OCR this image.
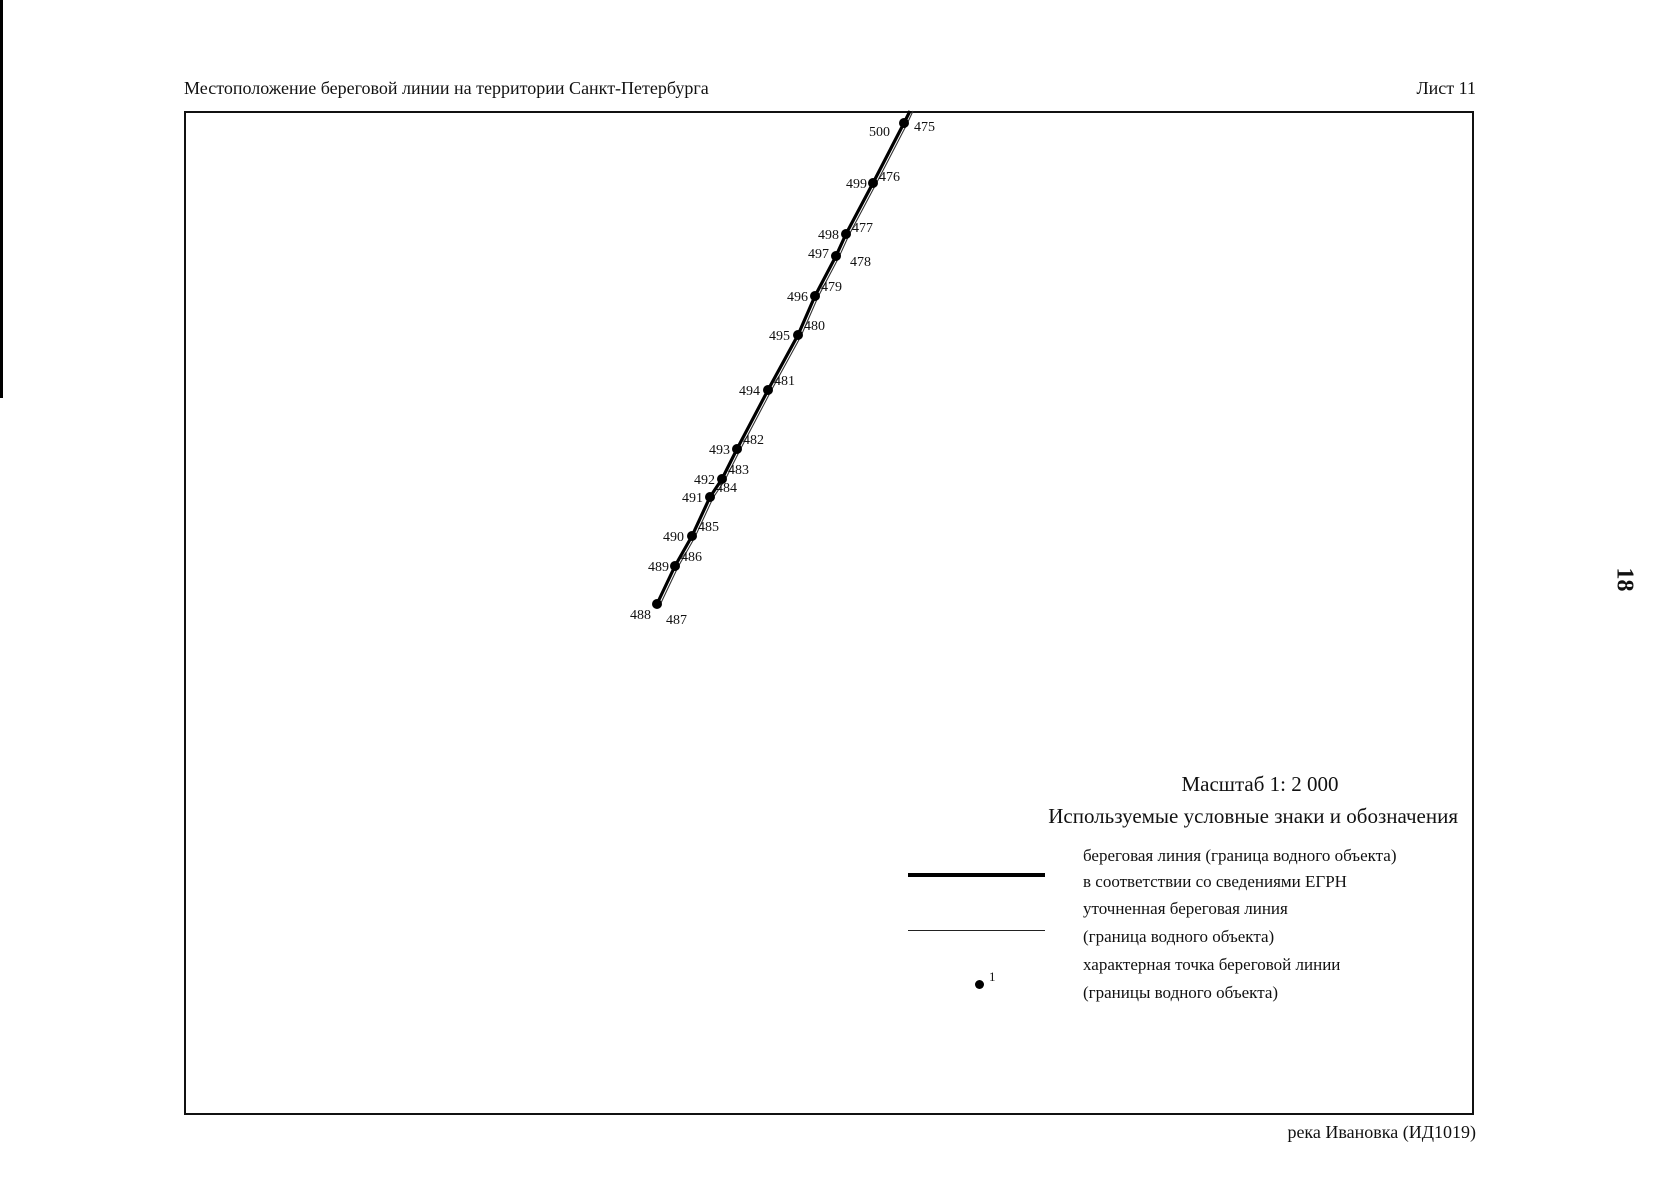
Местоположение береговой линии на территории Санкт-Петербурга	Лист 11
500 475
499 476
498 477
497
478
496
479
495
480
494
481
493
482
492
483
491
484
490
485
489
486
488 487
Масштаб 1: 2 000
Используемые условные знаки и обозначения
береговая линия (граница водного объекта)
в соответствии со сведениями ЕГРН
уточненная береговая линия
(граница водного объекта)
1
характерная точка береговой линии
(границы водного объекта)
река Ивановка (ИД1019)
18
